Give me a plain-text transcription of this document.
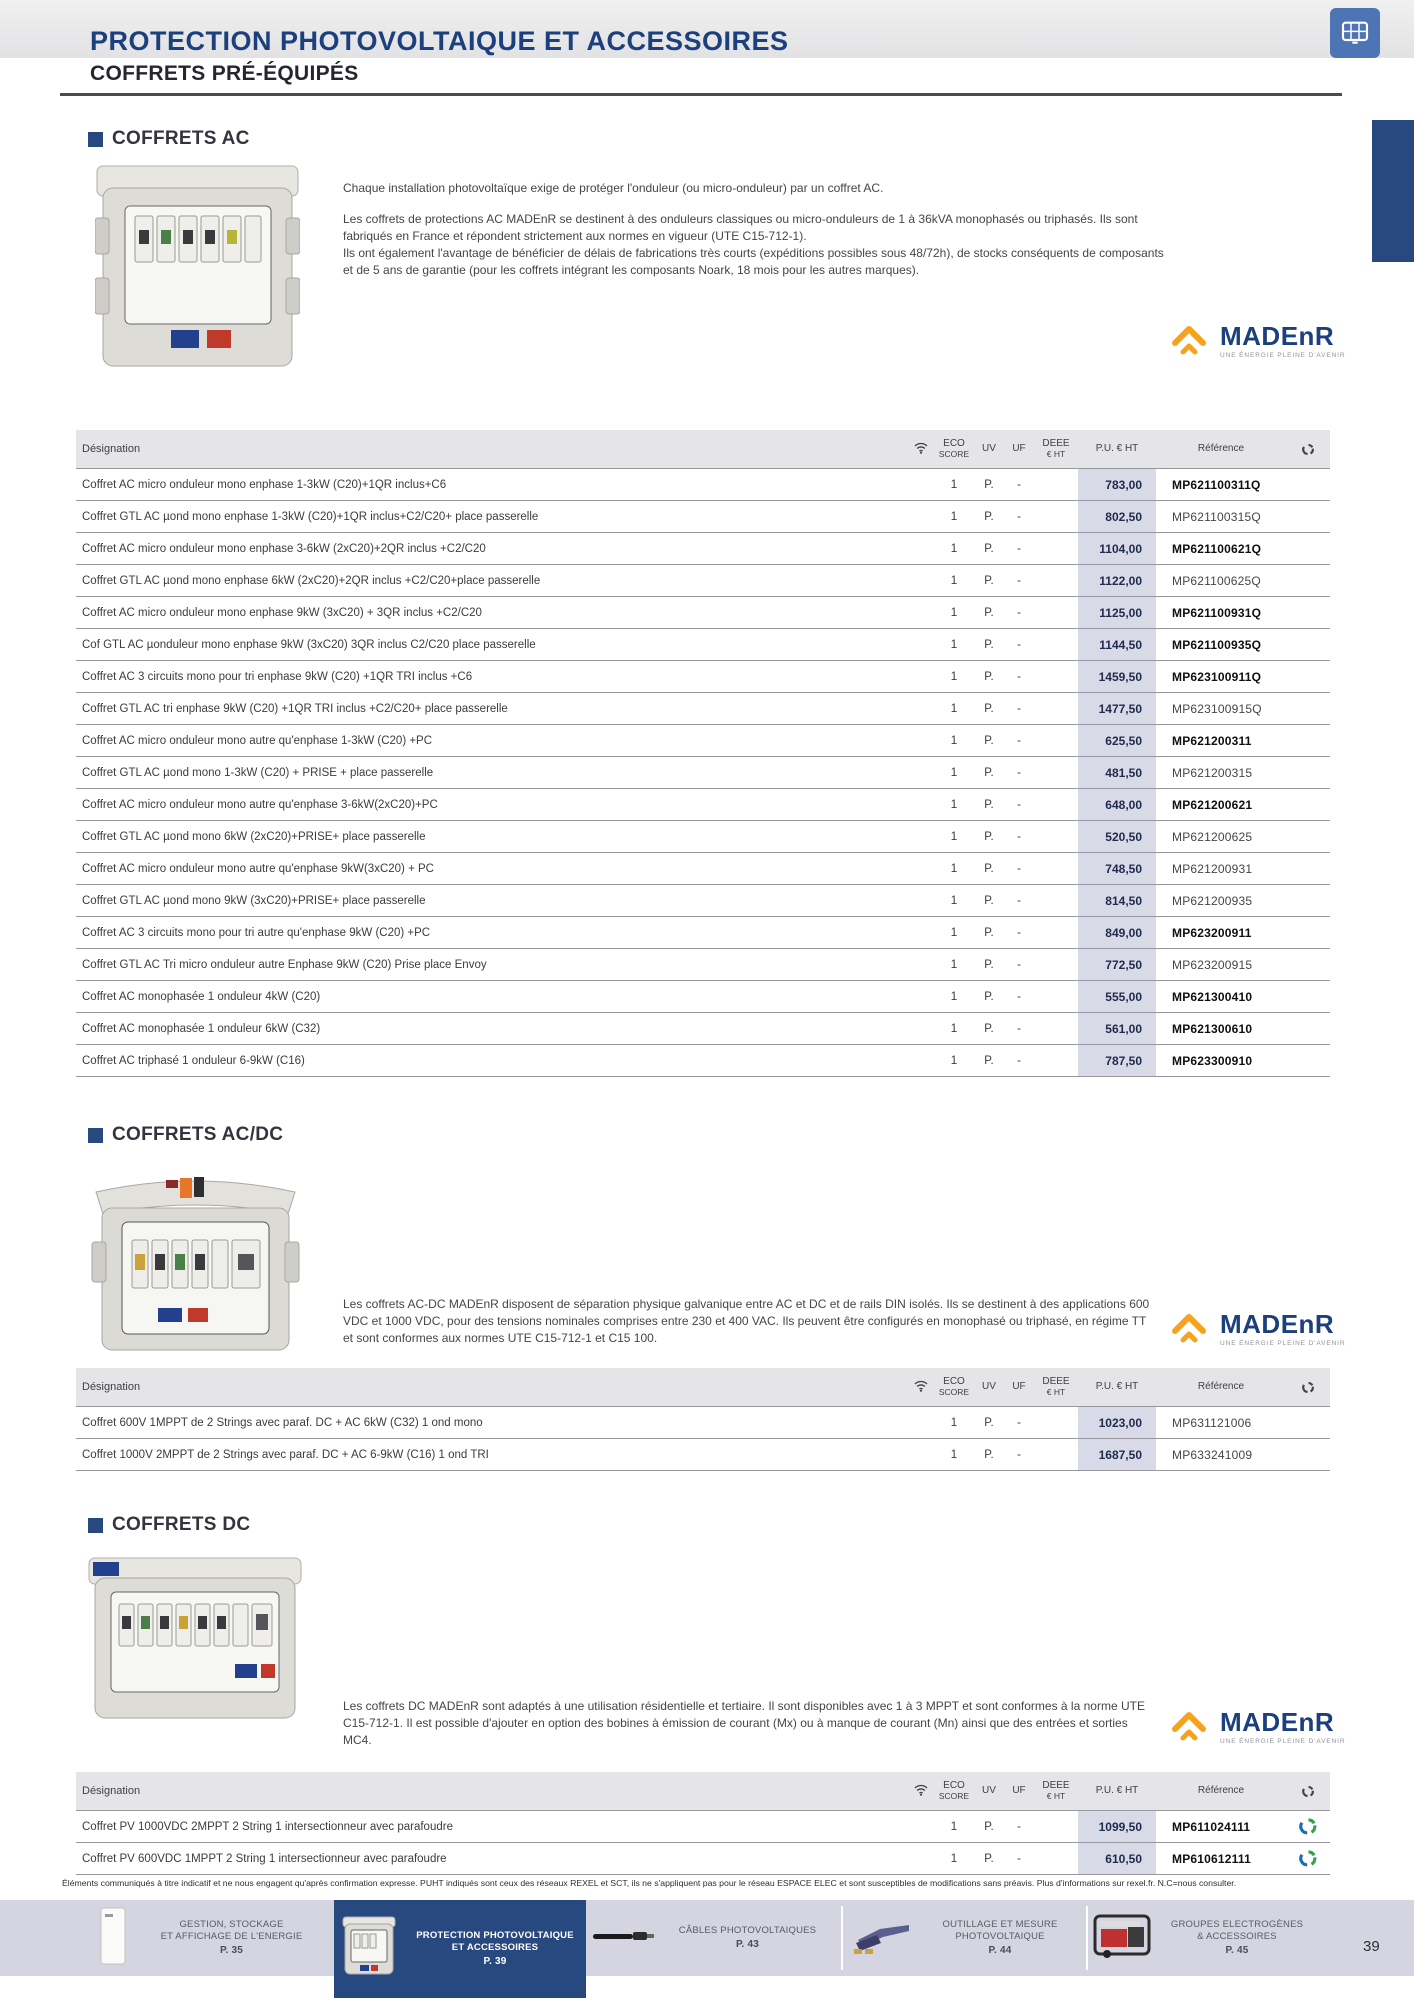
PROTECTION PHOTOVOLTAIQUE ET ACCESSOIRES
COFFRETS PRÉ-ÉQUIPÉS
COFFRETS AC

Chaque installation photovoltaïque exige de protéger l'onduleur (ou micro-onduleur) par un coffret AC.

Les coffrets de protections AC MADEnR se destinent à des onduleurs classiques ou micro-onduleurs de 1 à 36kVA monophasés ou triphasés. Ils sont fabriqués en France et répondent strictement aux normes en vigueur (UTE C15-712-1).

Ils ont également l'avantage de bénéficier de délais de fabrications très courts (expéditions possibles sous 48/72h), de stocks conséquents de composants et de 5 ans de garantie (pour les coffrets intégrant les composants Noark, 18 mois pour les autres marques).

MADEnR
UNE ÉNERGIE PLEINE D'AVENIR
Désignation	ECO
SCORE	UV	UF	DEEE
€ HT	P.U. € HT	Référence
Coffret AC micro onduleur mono enphase 1-3kW (C20)+1QR inclus+C6	1	P.	-	783,00	MP621100311Q
Coffret GTL AC µond mono enphase 1-3kW (C20)+1QR inclus+C2/C20+ place passerelle	1	P.	-	802,50	MP621100315Q
Coffret AC micro onduleur mono enphase 3-6kW (2xC20)+2QR inclus +C2/C20	1	P.	-	1104,00	MP621100621Q
Coffret GTL AC µond mono enphase 6kW (2xC20)+2QR inclus +C2/C20+place passerelle	1	P.	-	1122,00	MP621100625Q
Coffret AC micro onduleur mono enphase 9kW (3xC20) + 3QR inclus +C2/C20	1	P.	-	1125,00	MP621100931Q
Cof GTL AC µonduleur mono enphase 9kW (3xC20) 3QR inclus C2/C20 place passerelle	1	P.	-	1144,50	MP621100935Q
Coffret AC 3 circuits mono pour tri enphase 9kW (C20) +1QR TRI inclus +C6	1	P.	-	1459,50	MP623100911Q
Coffret GTL AC tri enphase 9kW (C20) +1QR TRI inclus +C2/C20+ place passerelle	1	P.	-	1477,50	MP623100915Q
Coffret AC micro onduleur mono autre qu'enphase 1-3kW (C20) +PC	1	P.	-	625,50	MP621200311
Coffret GTL AC µond mono 1-3kW (C20) + PRISE + place passerelle	1	P.	-	481,50	MP621200315
Coffret AC micro onduleur mono autre qu'enphase 3-6kW(2xC20)+PC	1	P.	-	648,00	MP621200621
Coffret GTL AC µond mono 6kW (2xC20)+PRISE+ place passerelle	1	P.	-	520,50	MP621200625
Coffret AC micro onduleur mono autre qu'enphase 9kW(3xC20) + PC	1	P.	-	748,50	MP621200931
Coffret GTL AC µond mono 9kW (3xC20)+PRISE+ place passerelle	1	P.	-	814,50	MP621200935
Coffret AC 3 circuits mono pour tri autre qu'enphase 9kW (C20) +PC	1	P.	-	849,00	MP623200911
Coffret GTL AC Tri micro onduleur autre Enphase 9kW (C20) Prise place Envoy	1	P.	-	772,50	MP623200915
Coffret AC monophasée 1 onduleur 4kW (C20)	1	P.	-	555,00	MP621300410
Coffret AC monophasée 1 onduleur 6kW (C32)	1	P.	-	561,00	MP621300610
Coffret AC triphasé 1 onduleur 6-9kW (C16)	1	P.	-	787,50	MP623300910
COFFRETS AC/DC

Les coffrets AC-DC MADEnR disposent de séparation physique galvanique entre AC et DC et de rails DIN isolés. Ils se destinent à des applications 600 VDC et 1000 VDC, pour des tensions nominales comprises entre 230 et 400 VAC. Ils peuvent être configurés en monophasé ou triphasé, en régime TT et sont conformes aux normes UTE C15-712-1 et C15 100.	MADEnR
UNE ÉNERGIE PLEINE D'AVENIR
Désignation	ECO
SCORE	UV	UF	DEEE
€ HT	P.U. € HT	Référence
Coffret 600V 1MPPT de 2 Strings avec paraf. DC + AC 6kW (C32) 1 ond mono	1	P.	-	1023,00	MP631121006
Coffret 1000V 2MPPT de 2 Strings avec paraf. DC + AC 6-9kW (C16) 1 ond TRI	1	P.	-	1687,50	MP633241009
COFFRETS DC

Les coffrets DC MADEnR sont adaptés à une utilisation résidentielle et tertiaire. Il sont disponibles avec 1 à 3 MPPT et sont conformes à la norme UTE C15-712-1. Il est possible d'ajouter en option des bobines à émission de courant (Mx) ou à manque de courant (Mn) ainsi que des entrées et sorties MC4.

MADEnR
UNE ÉNERGIE PLEINE D'AVENIR
Désignation	ECO
SCORE	UV	UF	DEEE
€ HT	P.U. € HT	Référence
Coffret PV 1000VDC 2MPPT 2 String 1 intersectionneur avec parafoudre	1	P.	-	1099,50	MP611024111
Coffret PV 600VDC 1MPPT 2 String 1 intersectionneur avec parafoudre	1	P.	-	610,50	MP610612111
Éléments communiqués à titre indicatif et ne nous engagent qu'après confirmation expresse. PUHT indiqués sont ceux des réseaux REXEL et SCT, ils ne s'appliquent pas pour le réseau ESPACE ELEC et sont susceptibles de modifications sans préavis. Plus d'informations sur rexel.fr. N.C=nous consulter.
GESTION, STOCKAGE
ET AFFICHAGE DE L'ENERGIE
P. 35
PROTECTION PHOTOVOLTAIQUE
ET ACCESSOIRES
P. 39
CÂBLES PHOTOVOLTAIQUES
P. 43
OUTILLAGE ET MESURE
PHOTOVOLTAIQUE
P. 44
GROUPES ELECTROGÈNES
& ACCESSOIRES
P. 45	39
